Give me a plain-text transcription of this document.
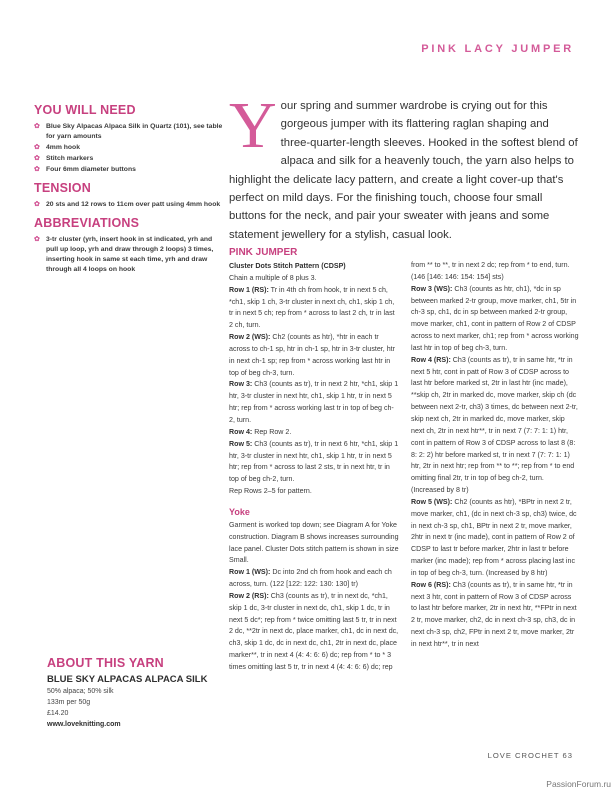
PINK LACY JUMPER
YOU WILL NEED
✿ Blue Sky Alpacas Alpaca Silk in Quartz (101), see table for yarn amounts
✿ 4mm hook
✿ Stitch markers
✿ Four 6mm diameter buttons
TENSION
✿ 20 sts and 12 rows to 11cm over patt using 4mm hook
ABBREVIATIONS
✿ 3-tr cluster (yrh, insert hook in st indicated, yrh and pull up loop, yrh and draw through 2 loops) 3 times, inserting hook in same st each time, yrh and draw through all 4 loops on hook
ABOUT THIS YARN
BLUE SKY ALPACAS ALPACA SILK
50% alpaca; 50% silk
133m per 50g
£14.20
www.loveknitting.com
Your spring and summer wardrobe is crying out for this gorgeous jumper with its flattering raglan shaping and three-quarter-length sleeves. Hooked in the softest blend of alpaca and silk for a heavenly touch, the yarn also helps to highlight the delicate lacy pattern, and create a light cover-up that's perfect on mild days. For the finishing touch, choose four small buttons for the neck, and pair your sweater with jeans and some statement jewellery for a stylish, casual look.
PINK JUMPER

Cluster Dots Stitch Pattern (CDSP)

Chain a multiple of 8 plus 3.

Row 1 (RS): Tr in 4th ch from hook, tr in next 5 ch, *ch1, skip 1 ch, 3-tr cluster in next ch, ch1, skip 1 ch, tr in next 5 ch; rep from * across to last 2 ch, tr in last 2 ch, turn.

Row 2 (WS): Ch2 (counts as htr), *htr in each tr across to ch-1 sp, htr in ch-1 sp, htr in 3-tr cluster, htr in next ch-1 sp; rep from * across working last htr in top of beg ch-3, turn.

Row 3: Ch3 (counts as tr), tr in next 2 htr, *ch1, skip 1 htr, 3-tr cluster in next htr, ch1, skip 1 htr, tr in next 5 htr; rep from * across working last tr in top of beg ch-2, turn.

Row 4: Rep Row 2.

Row 5: Ch3 (counts as tr), tr in next 6 htr, *ch1, skip 1 htr, 3-tr cluster in next htr, ch1, skip 1 htr, tr in next 5 htr; rep from * across to last 2 sts, tr in next htr, tr in top of beg ch-2, turn.

Rep Rows 2–5 for pattern.

Yoke

Garment is worked top down; see Diagram A for Yoke construction. Diagram B shows increases surrounding lace panel. Cluster Dots stitch pattern is shown in size Small.

Row 1 (WS): Dc into 2nd ch from hook and each ch across, turn. (122 [122: 122: 130: 130] tr)

Row 2 (RS): Ch3 (counts as tr), tr in next dc, *ch1, skip 1 dc, 3-tr cluster in next dc, ch1, skip 1 dc, tr in next 5 dc*; rep from * twice omitting last 5 tr, tr in next 2 dc, **2tr in next dc, place marker, ch1, dc in next dc, ch3, skip 1 dc, dc in next dc, ch1, 2tr in next dc, place marker**, tr in next 4 (4: 4: 6: 6) dc; rep from * to * 3 times omitting last 5 tr, tr in next 4 (4: 4: 6: 6) dc; rep

from ** to **, tr in next 2 dc; rep from * to end, turn. (146 [146: 146: 154: 154] sts)

Row 3 (WS): Ch3 (counts as htr, ch1), *dc in sp between marked 2-tr group, move marker, ch1, 5tr in ch-3 sp, ch1, dc in sp between marked 2-tr group, move marker, ch1, cont in pattern of Row 2 of CDSP across to next marker, ch1; rep from * across working last htr in top of beg ch-3, turn.

Row 4 (RS): Ch3 (counts as tr), tr in same htr, *tr in next 5 htr, cont in patt of Row 3 of CDSP across to last htr before marked st, 2tr in last htr (inc made), **skip ch, 2tr in marked dc, move marker, skip ch (dc between next 2-tr, ch3) 3 times, dc between next 2-tr, skip next ch, 2tr in marked dc, move marker, skip next ch, 2tr in next htr**, tr in next 7 (7: 7: 1: 1) htr, cont in pattern of Row 3 of CDSP across to last 8 (8: 8: 2: 2) htr before marked st, tr in next 7 (7: 7: 1: 1) htr, 2tr in next htr; rep from ** to **; rep from * to end omitting final 2tr, tr in top of beg ch-2, turn. (Increased by 8 tr)

Row 5 (WS): Ch2 (counts as htr), *BPtr in next 2 tr, move marker, ch1, (dc in next ch-3 sp, ch3) twice, dc in next ch-3 sp, ch1, BPtr in next 2 tr, move marker, 2htr in next tr (inc made), cont in pattern of Row 2 of CDSP to last tr before marker, 2htr in last tr before marker (inc made); rep from * across placing last inc in top of beg ch-3, turn. (Increased by 8 htr)

Row 6 (RS): Ch3 (counts as tr), tr in same htr, *tr in next 3 htr, cont in pattern of Row 3 of CDSP across to last htr before marker, 2tr in next htr, **FPtr in next 2 tr, move marker, ch2, dc in next ch-3 sp, ch3, dc in next ch-3 sp, ch2, FPtr in next 2 tr, move marker, 2tr in next htr**, tr in next

LOVE CROCHET 63
PassionForum.ru
